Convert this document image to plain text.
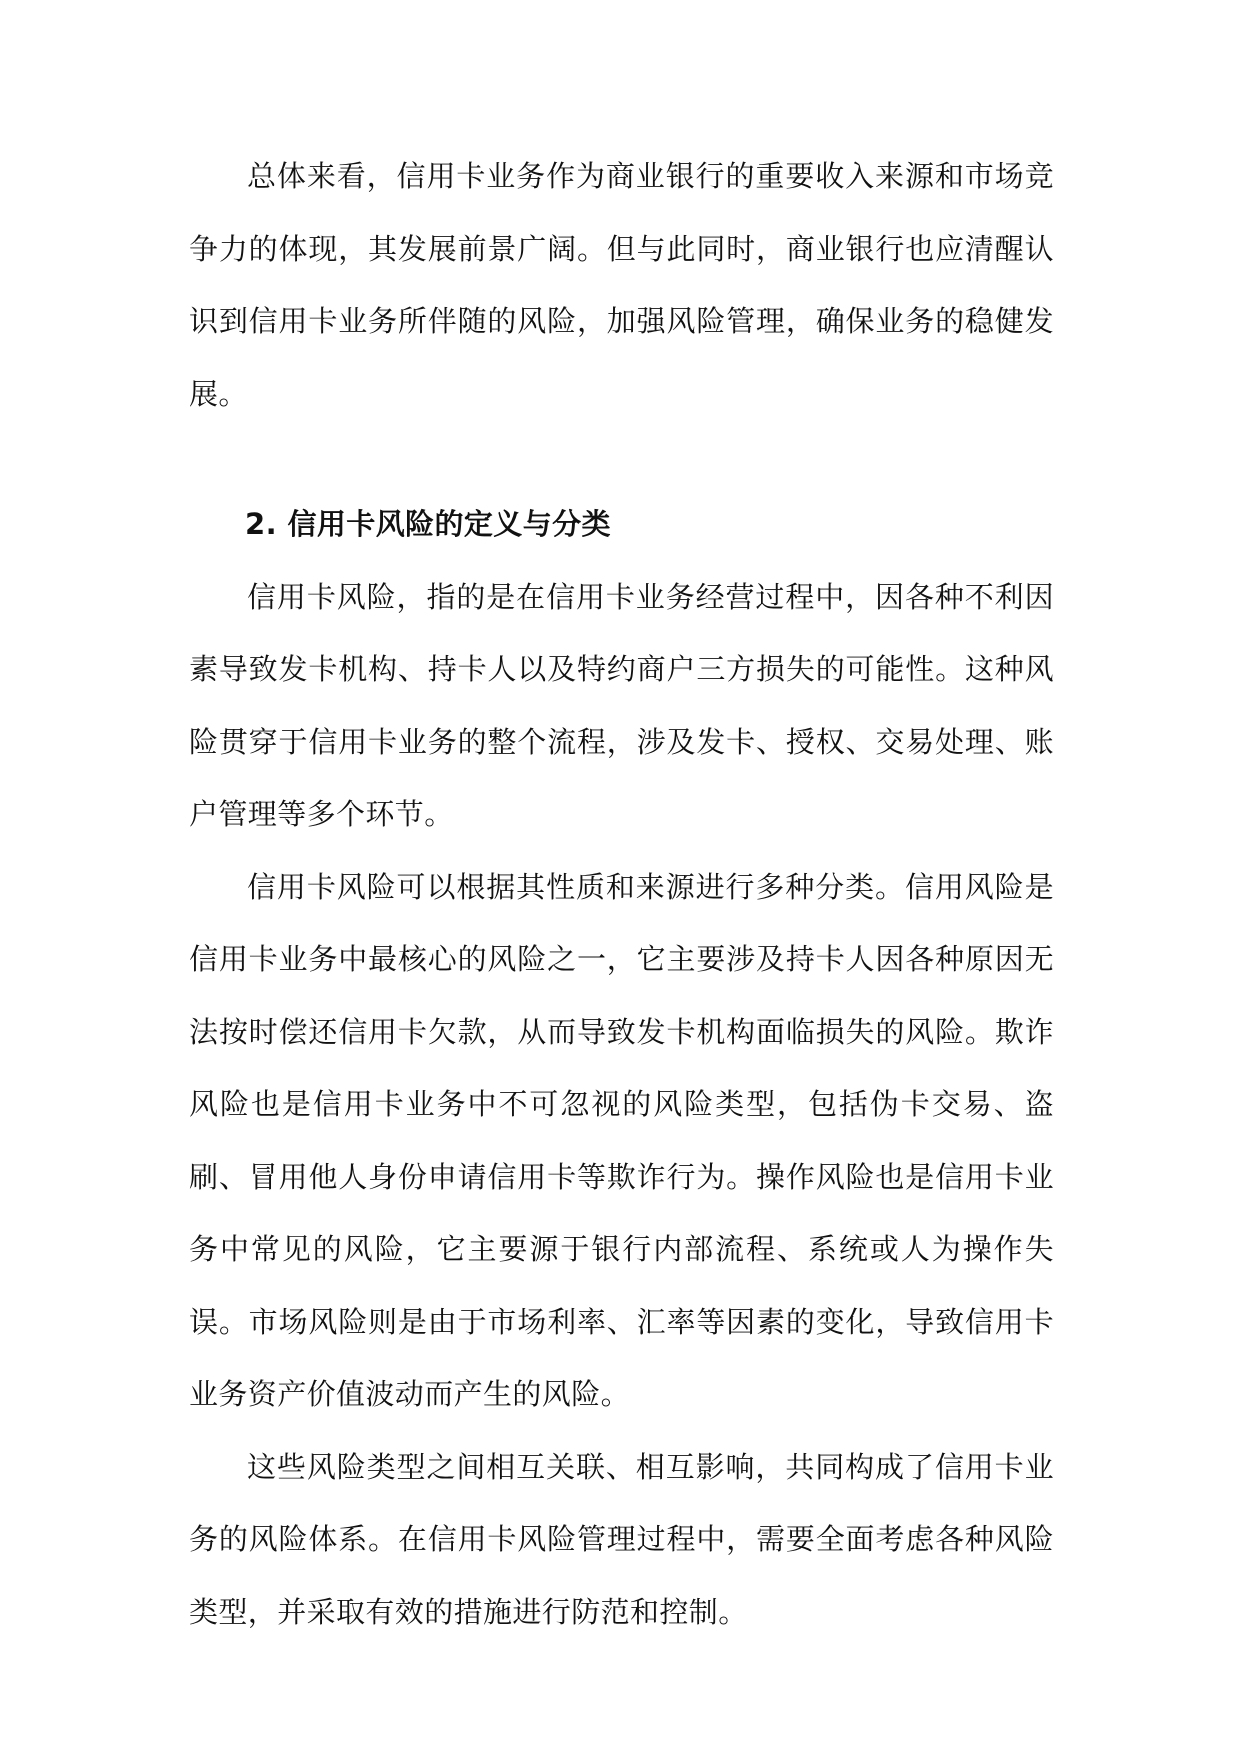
总体来看，信用卡业务作为商业银行的重要收入来源和市场竞争力的体现，其发展前景广阔。但与此同时，商业银行也应清醒认识到信用卡业务所伴随的风险，加强风险管理，确保业务的稳健发展。

2. 信用卡风险的定义与分类

信用卡风险，指的是在信用卡业务经营过程中，因各种不利因素导致发卡机构、持卡人以及特约商户三方损失的可能性。这种风险贯穿于信用卡业务的整个流程，涉及发卡、授权、交易处理、账户管理等多个环节。

信用卡风险可以根据其性质和来源进行多种分类。信用风险是信用卡业务中最核心的风险之一，它主要涉及持卡人因各种原因无法按时偿还信用卡欠款，从而导致发卡机构面临损失的风险。欺诈风险也是信用卡业务中不可忽视的风险类型，包括伪卡交易、盗刷、冒用他人身份申请信用卡等欺诈行为。操作风险也是信用卡业务中常见的风险，它主要源于银行内部流程、系统或人为操作失误。市场风险则是由于市场利率、汇率等因素的变化，导致信用卡业务资产价值波动而产生的风险。

这些风险类型之间相互关联、相互影响，共同构成了信用卡业务的风险体系。在信用卡风险管理过程中，需要全面考虑各种风险类型，并采取有效的措施进行防范和控制。
